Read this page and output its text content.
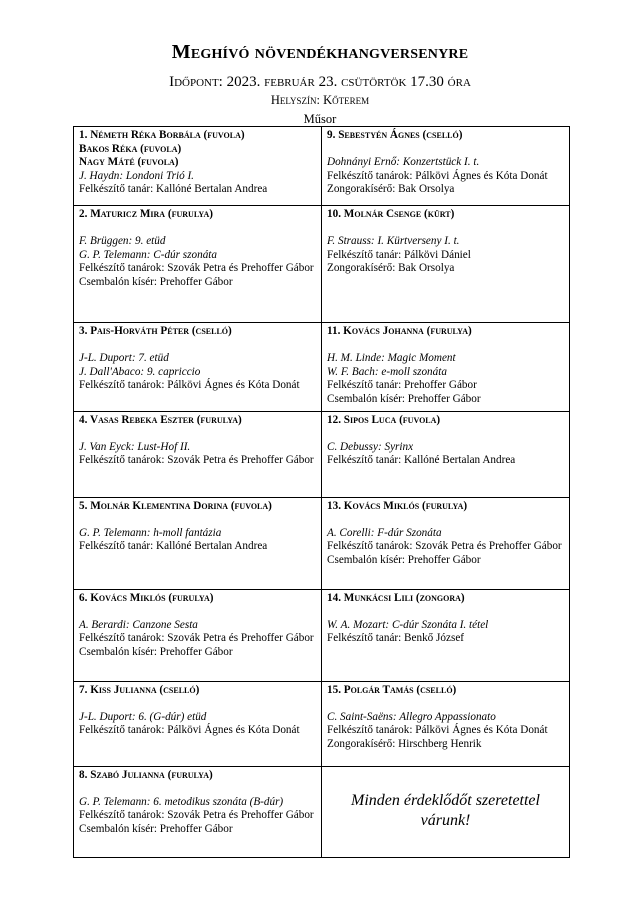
Meghívó növendékhangversenyre
Időpont: 2023. február 23. csütörtök 17.30 óra
Helyszín: Kőterem
Műsor
1. Németh Réka Borbála (fuvola)
Bakos Réka (fuvola)
Nagy Máté (fuvola)
J. Haydn: Londoni Trió I.
Felkészítő tanár: Kallóné Bertalan Andrea	9. Sebestyén Ágnes (cselló)
Dohnányi Ernő: Konzertstück I. t.
Felkészítő tanárok: Pálkövi Ágnes és Kóta Donát
Zongorakísérő: Bak Orsolya

2. Maturicz Mira (furulya)
F. Brüggen: 9. etüd
G. P. Telemann: C-dúr szonáta
Felkészítő tanárok: Szovák Petra és Prehoffer Gábor
Csembalón kísér: Prehoffer Gábor	10. Molnár Csenge (kürt)
F. Strauss: I. Kürtverseny I. t.
Felkészítő tanár: Pálkövi Dániel
Zongorakísérő: Bak Orsolya

3. Pais-Horváth Péter (cselló)
J-L. Duport: 7. etüd
J. Dall'Abaco: 9. capriccio
Felkészítő tanárok: Pálkövi Ágnes és Kóta Donát	11. Kovács Johanna (furulya)
H. M. Linde: Magic Moment
W. F. Bach: e-moll szonáta
Felkészítő tanár: Prehoffer Gábor
Csembalón kísér: Prehoffer Gábor

4. Vasas Rebeka Eszter (furulya)
J. Van Eyck: Lust-Hof II.
Felkészítő tanárok: Szovák Petra és Prehoffer Gábor	12. Sipos Luca (fuvola)
C. Debussy: Syrinx
Felkészítő tanár: Kallóné Bertalan Andrea

5. Molnár Klementina Dorina (fuvola)
G. P. Telemann: h-moll fantázia
Felkészítő tanár: Kallóné Bertalan Andrea	13. Kovács Miklós (furulya)
A. Corelli: F-dúr Szonáta
Felkészítő tanárok: Szovák Petra és Prehoffer Gábor
Csembalón kísér: Prehoffer Gábor

6. Kovács Miklós (furulya)
A. Berardi: Canzone Sesta
Felkészítő tanárok: Szovák Petra és Prehoffer Gábor
Csembalón kísér: Prehoffer Gábor	14. Munkácsi Lili (zongora)
W. A. Mozart: C-dúr Szonáta I. tétel
Felkészítő tanár: Benkő József

7. Kiss Julianna (cselló)
J-L. Duport: 6. (G-dúr) etüd
Felkészítő tanárok: Pálkövi Ágnes és Kóta Donát	15. Polgár Tamás (cselló)
C. Saint-Saëns: Allegro Appassionato
Felkészítő tanárok: Pálkövi Ágnes és Kóta Donát
Zongorakísérő: Hirschberg Henrik

8. Szabó Julianna (furulya)
G. P. Telemann: 6. metodikus szonáta (B-dúr)
Felkészítő tanárok: Szovák Petra és Prehoffer Gábor
Csembalón kísér: Prehoffer Gábor	Minden érdeklődőt szeretettel várunk!
